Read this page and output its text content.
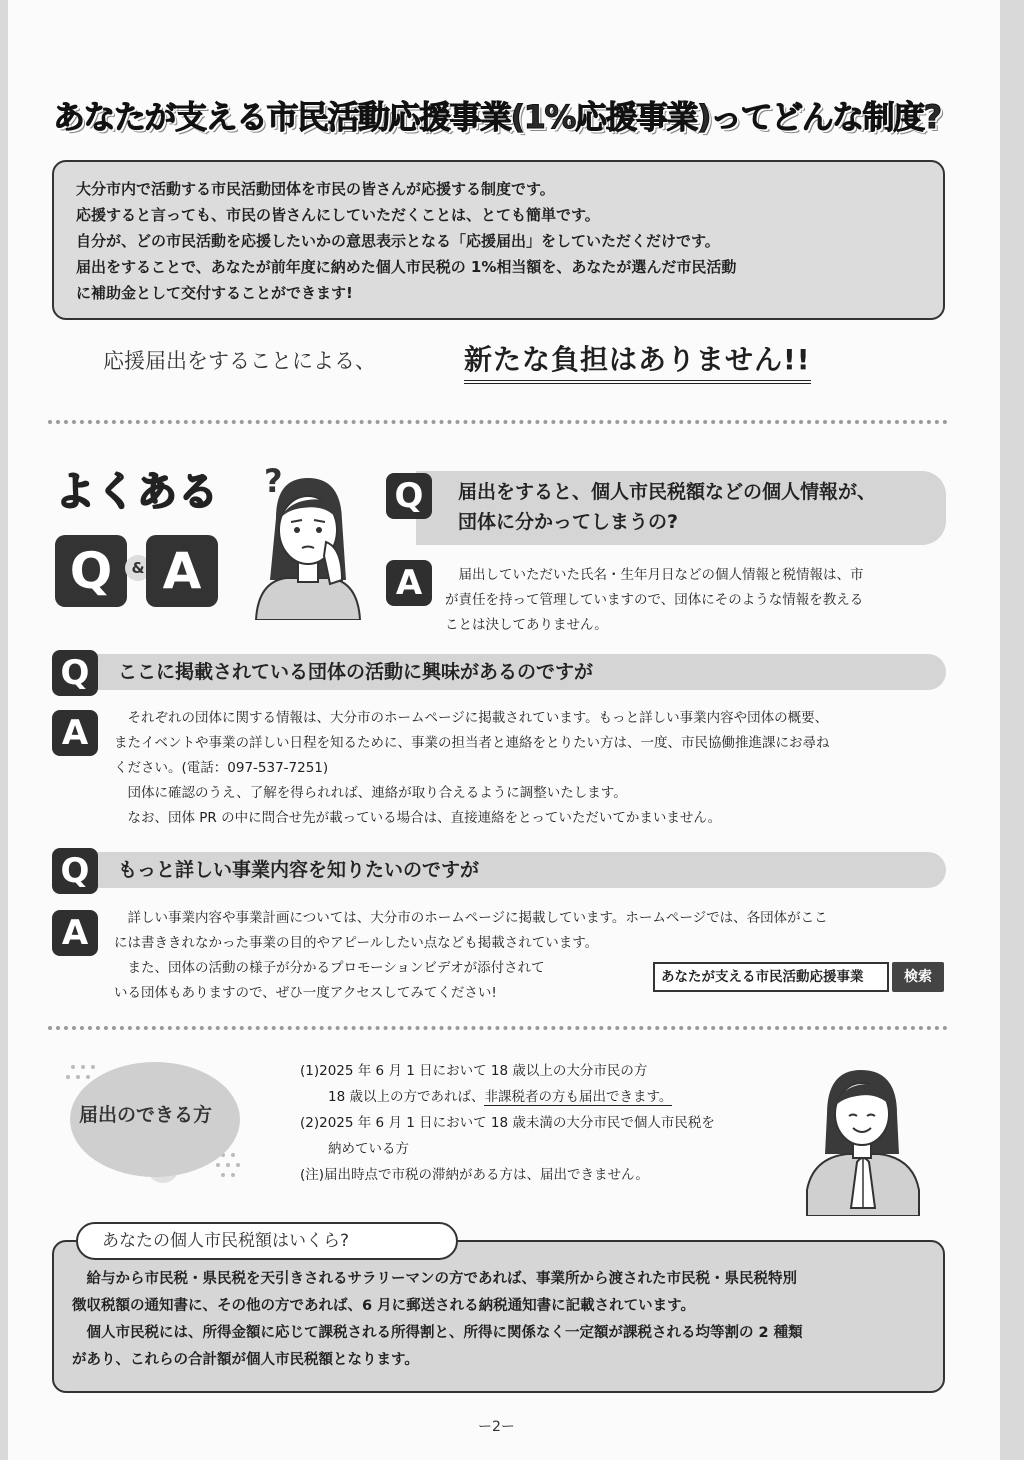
あなたが支える市民活動応援事業(1%応援事業)ってどんな制度?
大分市内で活動する市民活動団体を市民の皆さんが応援する制度です。
応援すると言っても、市民の皆さんにしていただくことは、とても簡単です。
自分が、どの市民活動を応援したいかの意思表示となる「応援届出」をしていただくだけです。
届出をすることで、あなたが前年度に納めた個人市民税の 1%相当額を、あなたが選んだ市民活動
に補助金として交付することができます!
応援届出をすることによる、	新たな負担はありません!!
よくある
Q	& A
?	届出をすると、個人市民税額などの個人情報が、
団体に分かってしまうの?
Q
A	　届出していただいた氏名・生年月日などの個人情報と税情報は、市
が責任を持って管理していますので、団体にそのような情報を教える
ことは決してありません。
ここに掲載されている団体の活動に興味があるのですが
Q
A	　それぞれの団体に関する情報は、大分市のホームページに掲載されています。もっと詳しい事業内容や団体の概要、
またイベントや事業の詳しい日程を知るために、事業の担当者と連絡をとりたい方は、一度、市民協働推進課にお尋ね
ください。(電話：097-537-7251)
　団体に確認のうえ、了解を得られれば、連絡が取り合えるように調整いたします。
　なお、団体 PR の中に問合せ先が載っている場合は、直接連絡をとっていただいてかまいません。
もっと詳しい事業内容を知りたいのですが
Q
A	　詳しい事業内容や事業計画については、大分市のホームページに掲載しています。ホームページでは、各団体がここ
には書ききれなかった事業の目的やアピールしたい点なども掲載されています。
　また、団体の活動の様子が分かるプロモーションビデオが添付されて
いる団体もありますので、ぜひ一度アクセスしてみてください!
あなたが支える市民活動応援事業	検索
届出のできる方
(1)2025 年 6 月 1 日において 18 歳以上の大分市民の方
18 歳以上の方であれば、非課税者の方も届出できます。
(2)2025 年 6 月 1 日において 18 歳未満の大分市民で個人市民税を
納めている方
(注)届出時点で市税の滞納がある方は、届出できません。
　給与から市民税・県民税を天引きされるサラリーマンの方であれば、事業所から渡された市民税・県民税特別
徴収税額の通知書に、その他の方であれば、6 月に郵送される納税通知書に記載されています。
　個人市民税には、所得金額に応じて課税される所得割と、所得に関係なく一定額が課税される均等割の 2 種類
があり、これらの合計額が個人市民税額となります。
あなたの個人市民税額はいくら?
ー2ー
